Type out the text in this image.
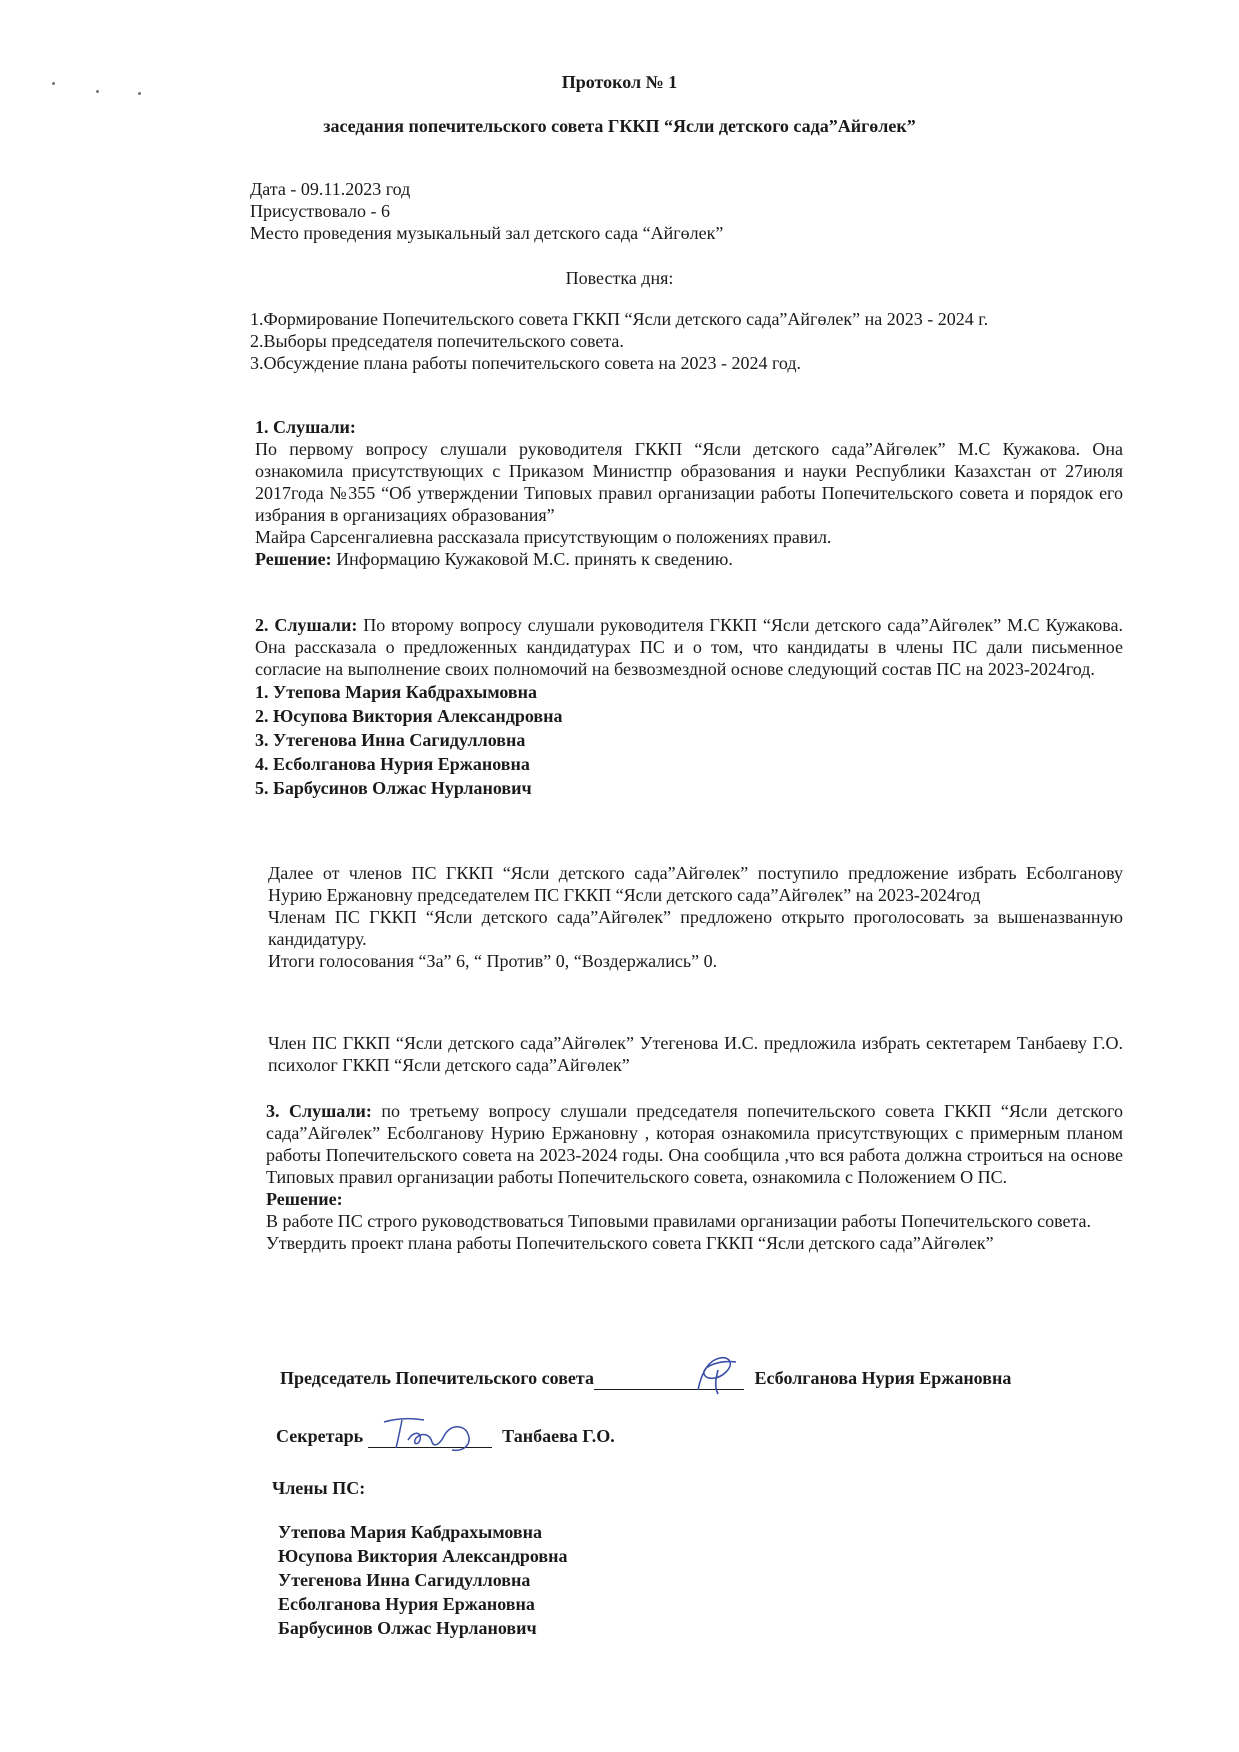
Протокол № 1
заседания попечительского совета ГККП “Ясли детского сада”Айгөлек”
Дата - 09.11.2023 год
Присуствовало - 6
Место проведения музыкальный зал детского сада “Айгөлек”
Повестка дня:
1.Формирование Попечительского совета ГККП “Ясли детского сада”Айгөлек” на 2023 - 2024 г.
2.Выборы председателя попечительского совета.
3.Обсуждение плана работы попечительского совета на 2023 - 2024 год.

1. Слушали:

По первому вопросу слушали руководителя ГККП “Ясли детского сада”Айгөлек” М.С Кужакова. Она ознакомила присутствующих с Приказом Министпр образования и науки Республики Казахстан от 27июля 2017года №355 “Об утверждении Типовых правил организации работы Попечительского совета и порядок его избрания в организациях образования”

Майра Сарсенгалиевна рассказала присутствующим о положениях правил.

Решение: Информацию Кужаковой М.С. принять к сведению.

2. Слушали: По второму вопросу слушали руководителя ГККП “Ясли детского сада”Айгөлек” М.С Кужакова. Она рассказала о предложенных кандидатурах ПС и о том, что кандидаты в члены ПС дали письменное согласие на выполнение своих полномочий на безвозмездной основе следующий состав ПС на 2023-2024год.

1. Утепова Мария Кабдрахымовна
2. Юсупова Виктория Александровна
3. Утегенова Инна Сагидулловна
4. Есболганова Нурия Ержановна
5. Барбусинов Олжас Нурланович

Далее от членов ПС ГККП “Ясли детского сада”Айгөлек” поступило предложение избрать Есболганову Нурию Ержановну председателем ПС ГККП “Ясли детского сада”Айгөлек” на 2023-2024год

Членам ПС ГККП “Ясли детского сада”Айгөлек” предложено открыто проголосовать за вышеназванную кандидатуру.

Итоги голосования “За” 6, “ Против” 0, “Воздержались” 0.

Член ПС ГККП “Ясли детского сада”Айгөлек” Утегенова И.С. предложила избрать сектетарем Танбаеву Г.О. психолог ГККП “Ясли детского сада”Айгөлек”

3. Слушали: по третьему вопросу слушали председателя попечительского совета ГККП “Ясли детского сада”Айгөлек” Есболганову Нурию Ержановну , которая ознакомила присутствующих с примерным планом работы Попечительского совета на 2023-2024 годы. Она сообщила ,что вся работа должна строиться на основе Типовых правил организации работы Попечительского совета, ознакомила с Положением О ПС.

Решение:

В работе ПС строго руководствоваться Типовыми правилами организации работы Попечительского совета.

Утвердить проект плана работы Попечительского совета ГККП “Ясли детского сада”Айгөлек”

Председатель Попечительского совета	Есболганова Нурия Ержановна
Секретарь	Танбаева Г.О.
Члены ПС:
Утепова Мария Кабдрахымовна
Юсупова Виктория Александровна
Утегенова Инна Сагидулловна
Есболганова Нурия Ержановна
Барбусинов Олжас Нурланович
